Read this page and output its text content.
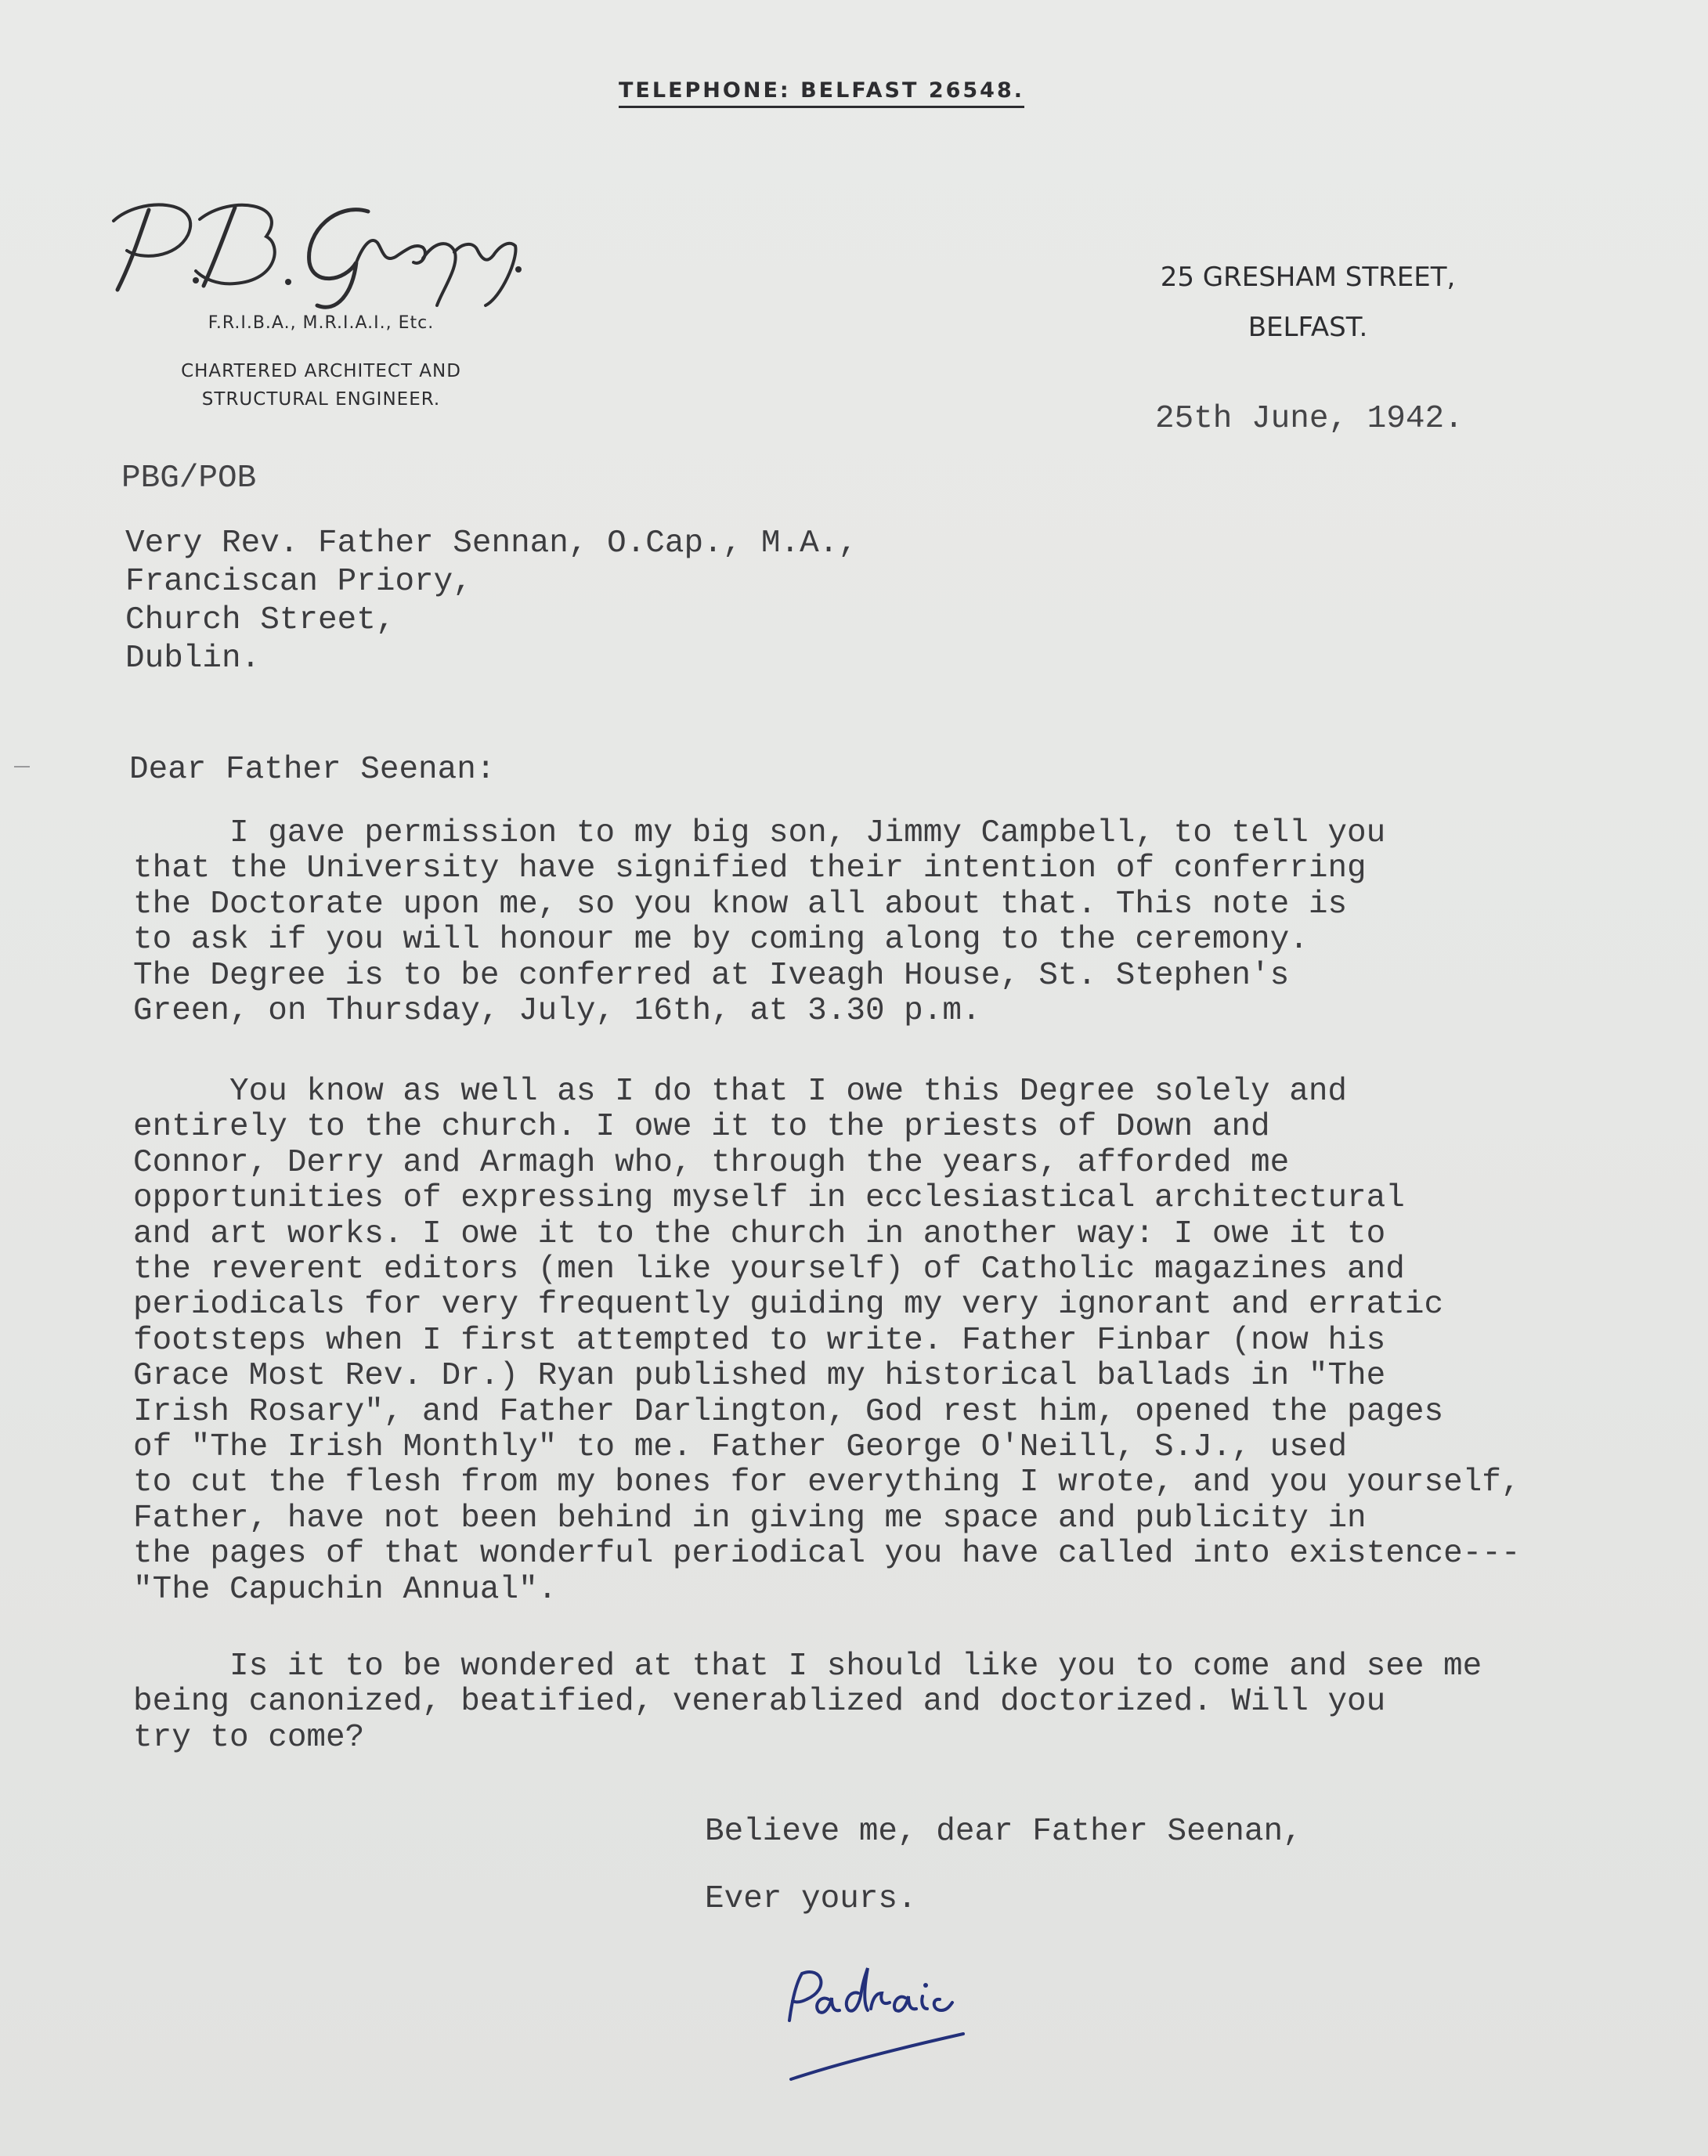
TELEPHONE: BELFAST 26548.
F.R.I.B.A., M.R.I.A.I., Etc.
CHARTERED ARCHITECT AND
STRUCTURAL ENGINEER.
25 GRESHAM STREET,
BELFAST.
25th June, 1942.
PBG/POB
Very Rev. Father Sennan, O.Cap., M.A.,
Franciscan Priory,
Church Street,
Dublin.
Dear Father Seenan:
I gave permission to my big son, Jimmy Campbell, to tell you
that the University have signified their intention of conferring
the Doctorate upon me, so you know all about that. This note is
to ask if you will honour me by coming along to the ceremony.
The Degree is to be conferred at Iveagh House, St. Stephen's
Green, on Thursday, July, 16th, at 3.30 p.m.
You know as well as I do that I owe this Degree solely and
entirely to the church. I owe it to the priests of Down and
Connor, Derry and Armagh who, through the years, afforded me
opportunities of expressing myself in ecclesiastical architectural
and art works. I owe it to the church in another way: I owe it to
the reverent editors (men like yourself) of Catholic magazines and
periodicals for very frequently guiding my very ignorant and erratic
footsteps when I first attempted to write. Father Finbar (now his
Grace Most Rev. Dr.) Ryan published my historical ballads in "The
Irish Rosary", and Father Darlington, God rest him, opened the pages
of "The Irish Monthly" to me. Father George O'Neill, S.J., used
to cut the flesh from my bones for everything I wrote, and you yourself,
Father, have not been behind in giving me space and publicity in
the pages of that wonderful periodical you have called into existence---
"The Capuchin Annual".
Is it to be wondered at that I should like you to come and see me
being canonized, beatified, venerablized and doctorized. Will you
try to come?
Believe me, dear Father Seenan,
Ever yours.
